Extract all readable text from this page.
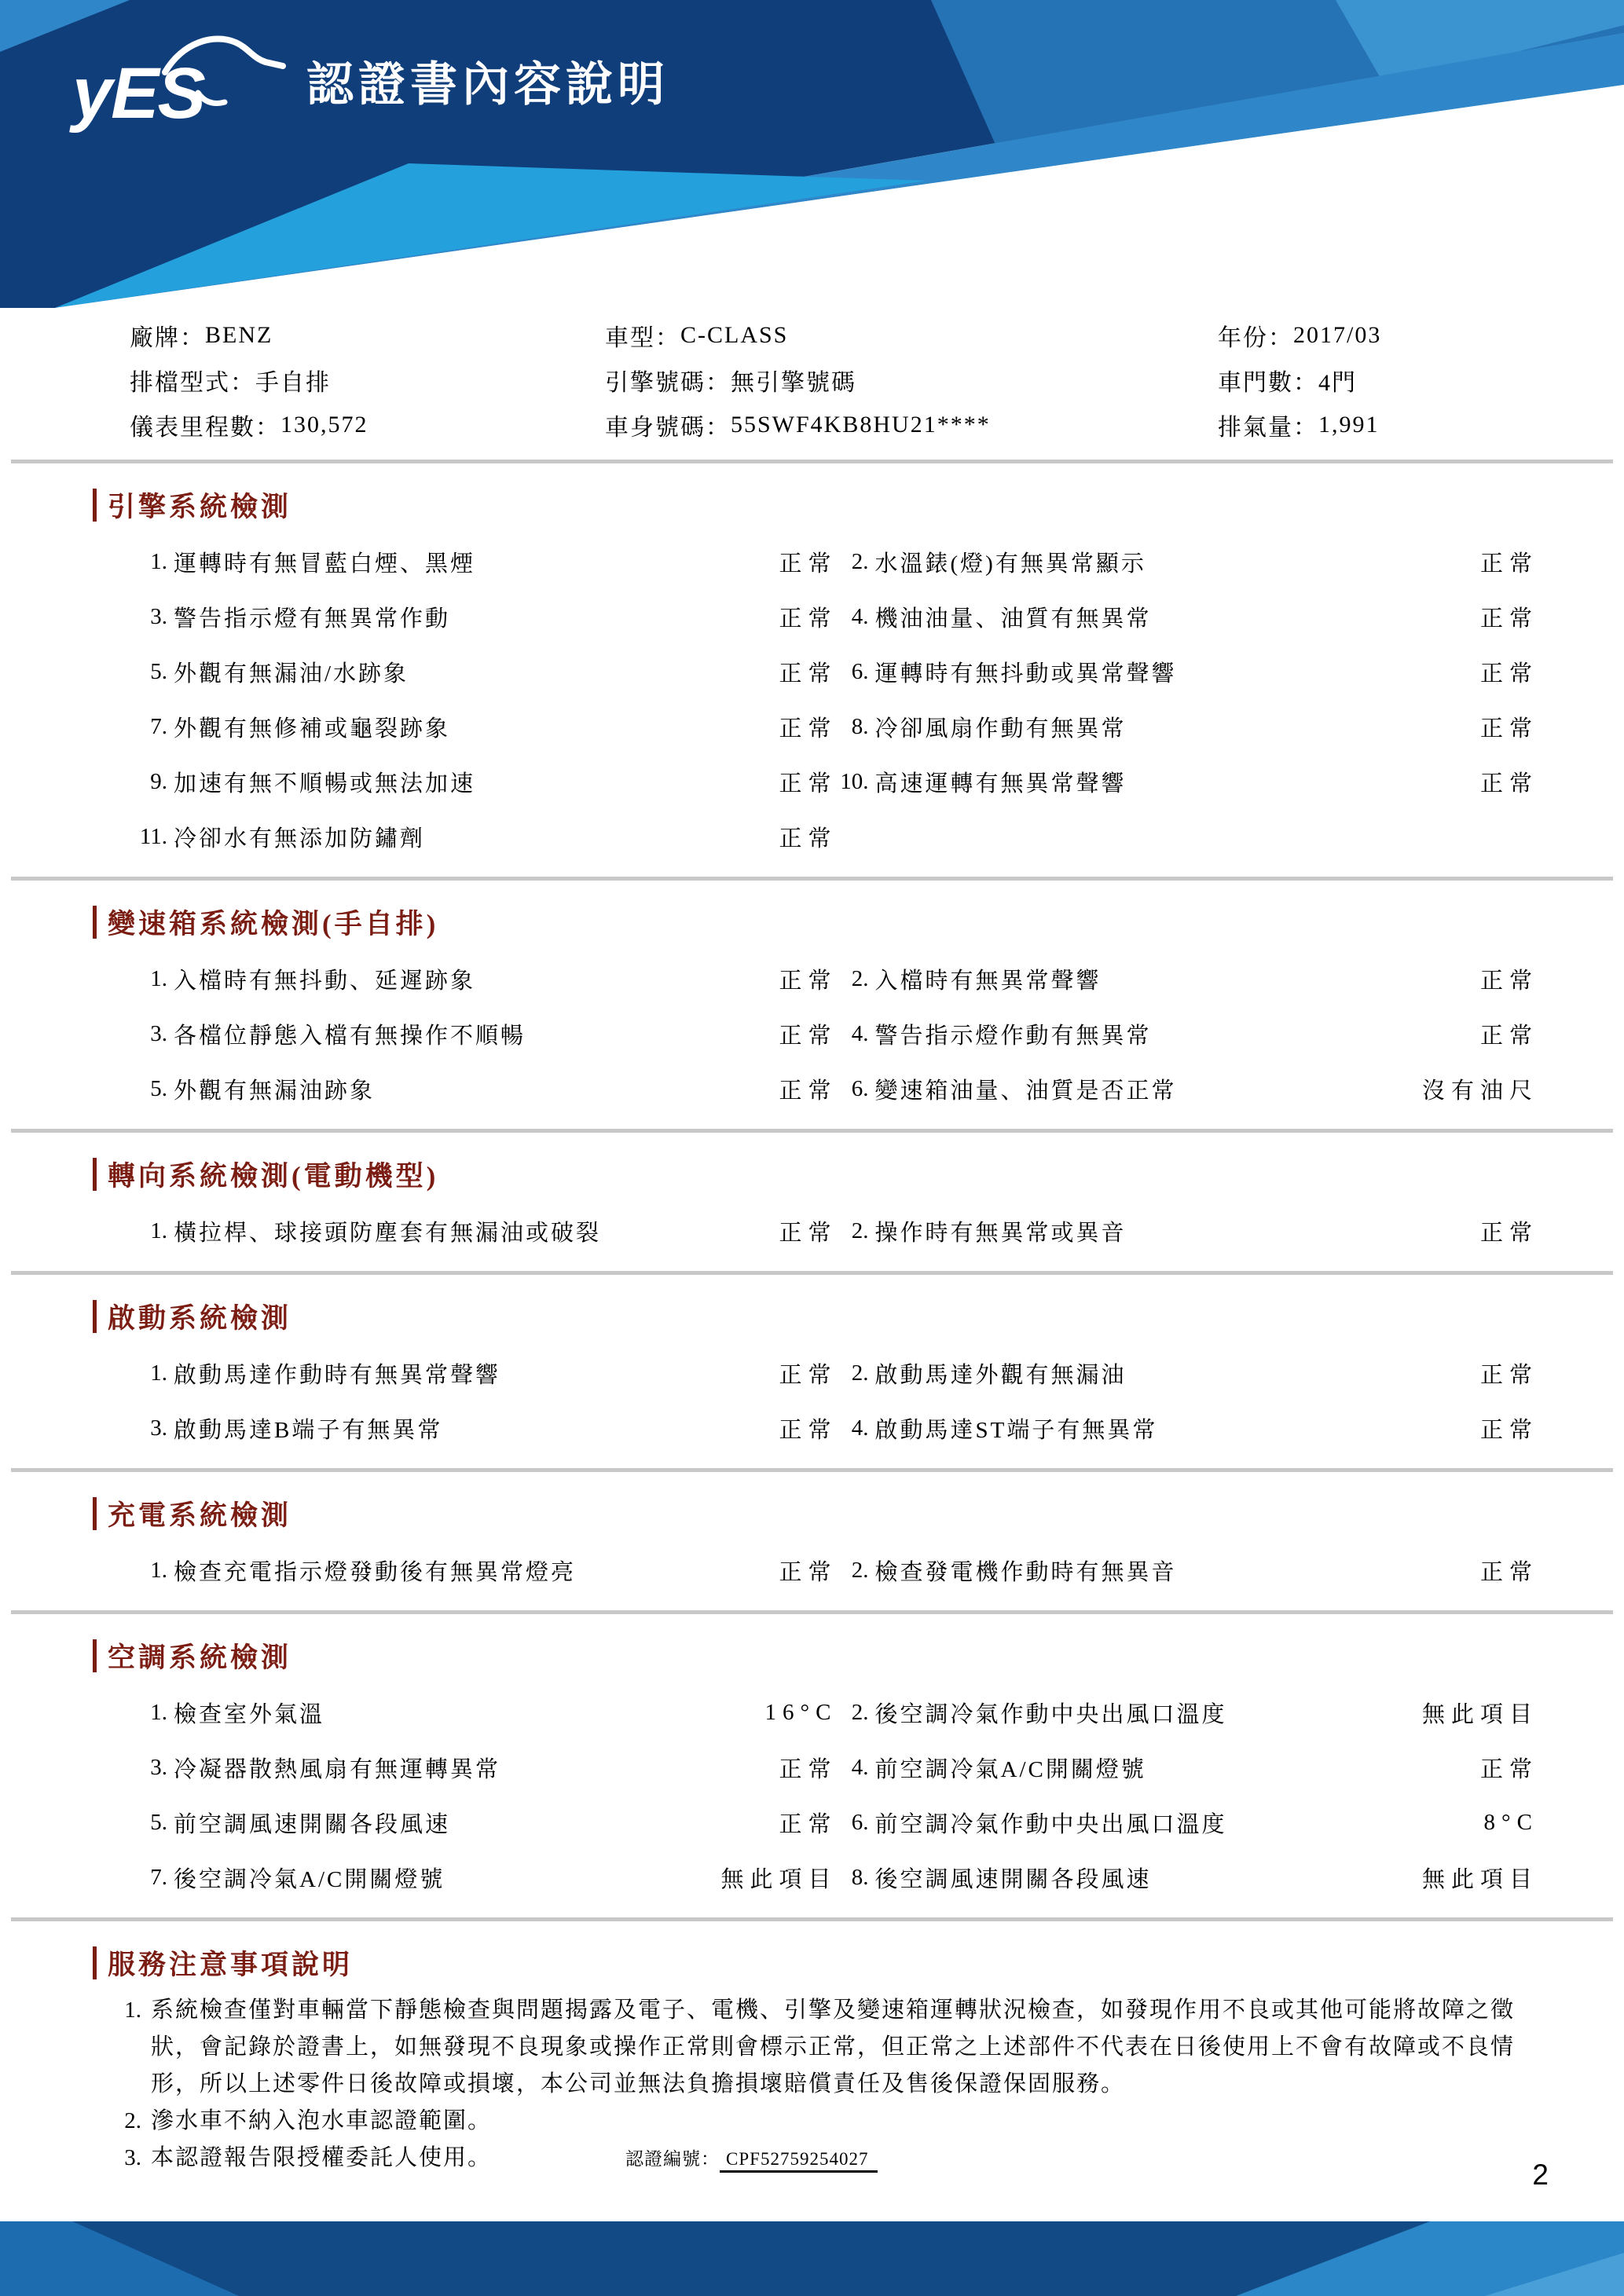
yES 認證書內容說明
廠牌： BENZ	車型： C-CLASS	年份： 2017/03
排檔型式： 手自排	引擎號碼： 無引擎號碼	車門數： 4門
儀表里程數： 130,572	車身號碼： 55SWF4KB8HU21****	排氣量： 1,991
引擎系統檢測
1. 運轉時有無冒藍白煙、黑煙	正常 2. 水溫錶(燈)有無異常顯示	正常
3. 警告指示燈有無異常作動	正常 4. 機油油量、油質有無異常	正常
5. 外觀有無漏油/水跡象	正常 6. 運轉時有無抖動或異常聲響	正常
7. 外觀有無修補或龜裂跡象	正常 8. 冷卻風扇作動有無異常	正常
9. 加速有無不順暢或無法加速	正常 10. 高速運轉有無異常聲響	正常
11. 冷卻水有無添加防鏽劑	正常
變速箱系統檢測(手自排)
1. 入檔時有無抖動、延遲跡象	正常 2. 入檔時有無異常聲響	正常
3. 各檔位靜態入檔有無操作不順暢	正常 4. 警告指示燈作動有無異常	正常
5. 外觀有無漏油跡象	正常 6. 變速箱油量、油質是否正常	沒有油尺
轉向系統檢測(電動機型)
1. 橫拉桿、球接頭防塵套有無漏油或破裂	正常 2. 操作時有無異常或異音	正常
啟動系統檢測
1. 啟動馬達作動時有無異常聲響	正常 2. 啟動馬達外觀有無漏油	正常
3. 啟動馬達B端子有無異常	正常 4. 啟動馬達ST端子有無異常	正常
充電系統檢測
1. 檢查充電指示燈發動後有無異常燈亮	正常 2. 檢查發電機作動時有無異音	正常
空調系統檢測
1. 檢查室外氣溫	16°C 2. 後空調冷氣作動中央出風口溫度	無此項目
3. 冷凝器散熱風扇有無運轉異常	正常 4. 前空調冷氣A/C開關燈號	正常
5. 前空調風速開關各段風速	正常 6. 前空調冷氣作動中央出風口溫度	8°C
7. 後空調冷氣A/C開關燈號	無此項目 8. 後空調風速開關各段風速	無此項目
服務注意事項說明
1. 系統檢查僅對車輛當下靜態檢查與問題揭露及電子、電機、引擎及變速箱運轉狀況檢查，如發現作用不良或其他可能將故障之徵狀，會記錄於證書上，如無發現不良現象或操作正常則會標示正常，但正常之上述部件不代表在日後使用上不會有故障或不良情形，所以上述零件日後故障或損壞，本公司並無法負擔損壞賠償責任及售後保證保固服務。
2. 滲水車不納入泡水車認證範圍。
3. 本認證報告限授權委託人使用。	認證編號： CPF52759254027	2
